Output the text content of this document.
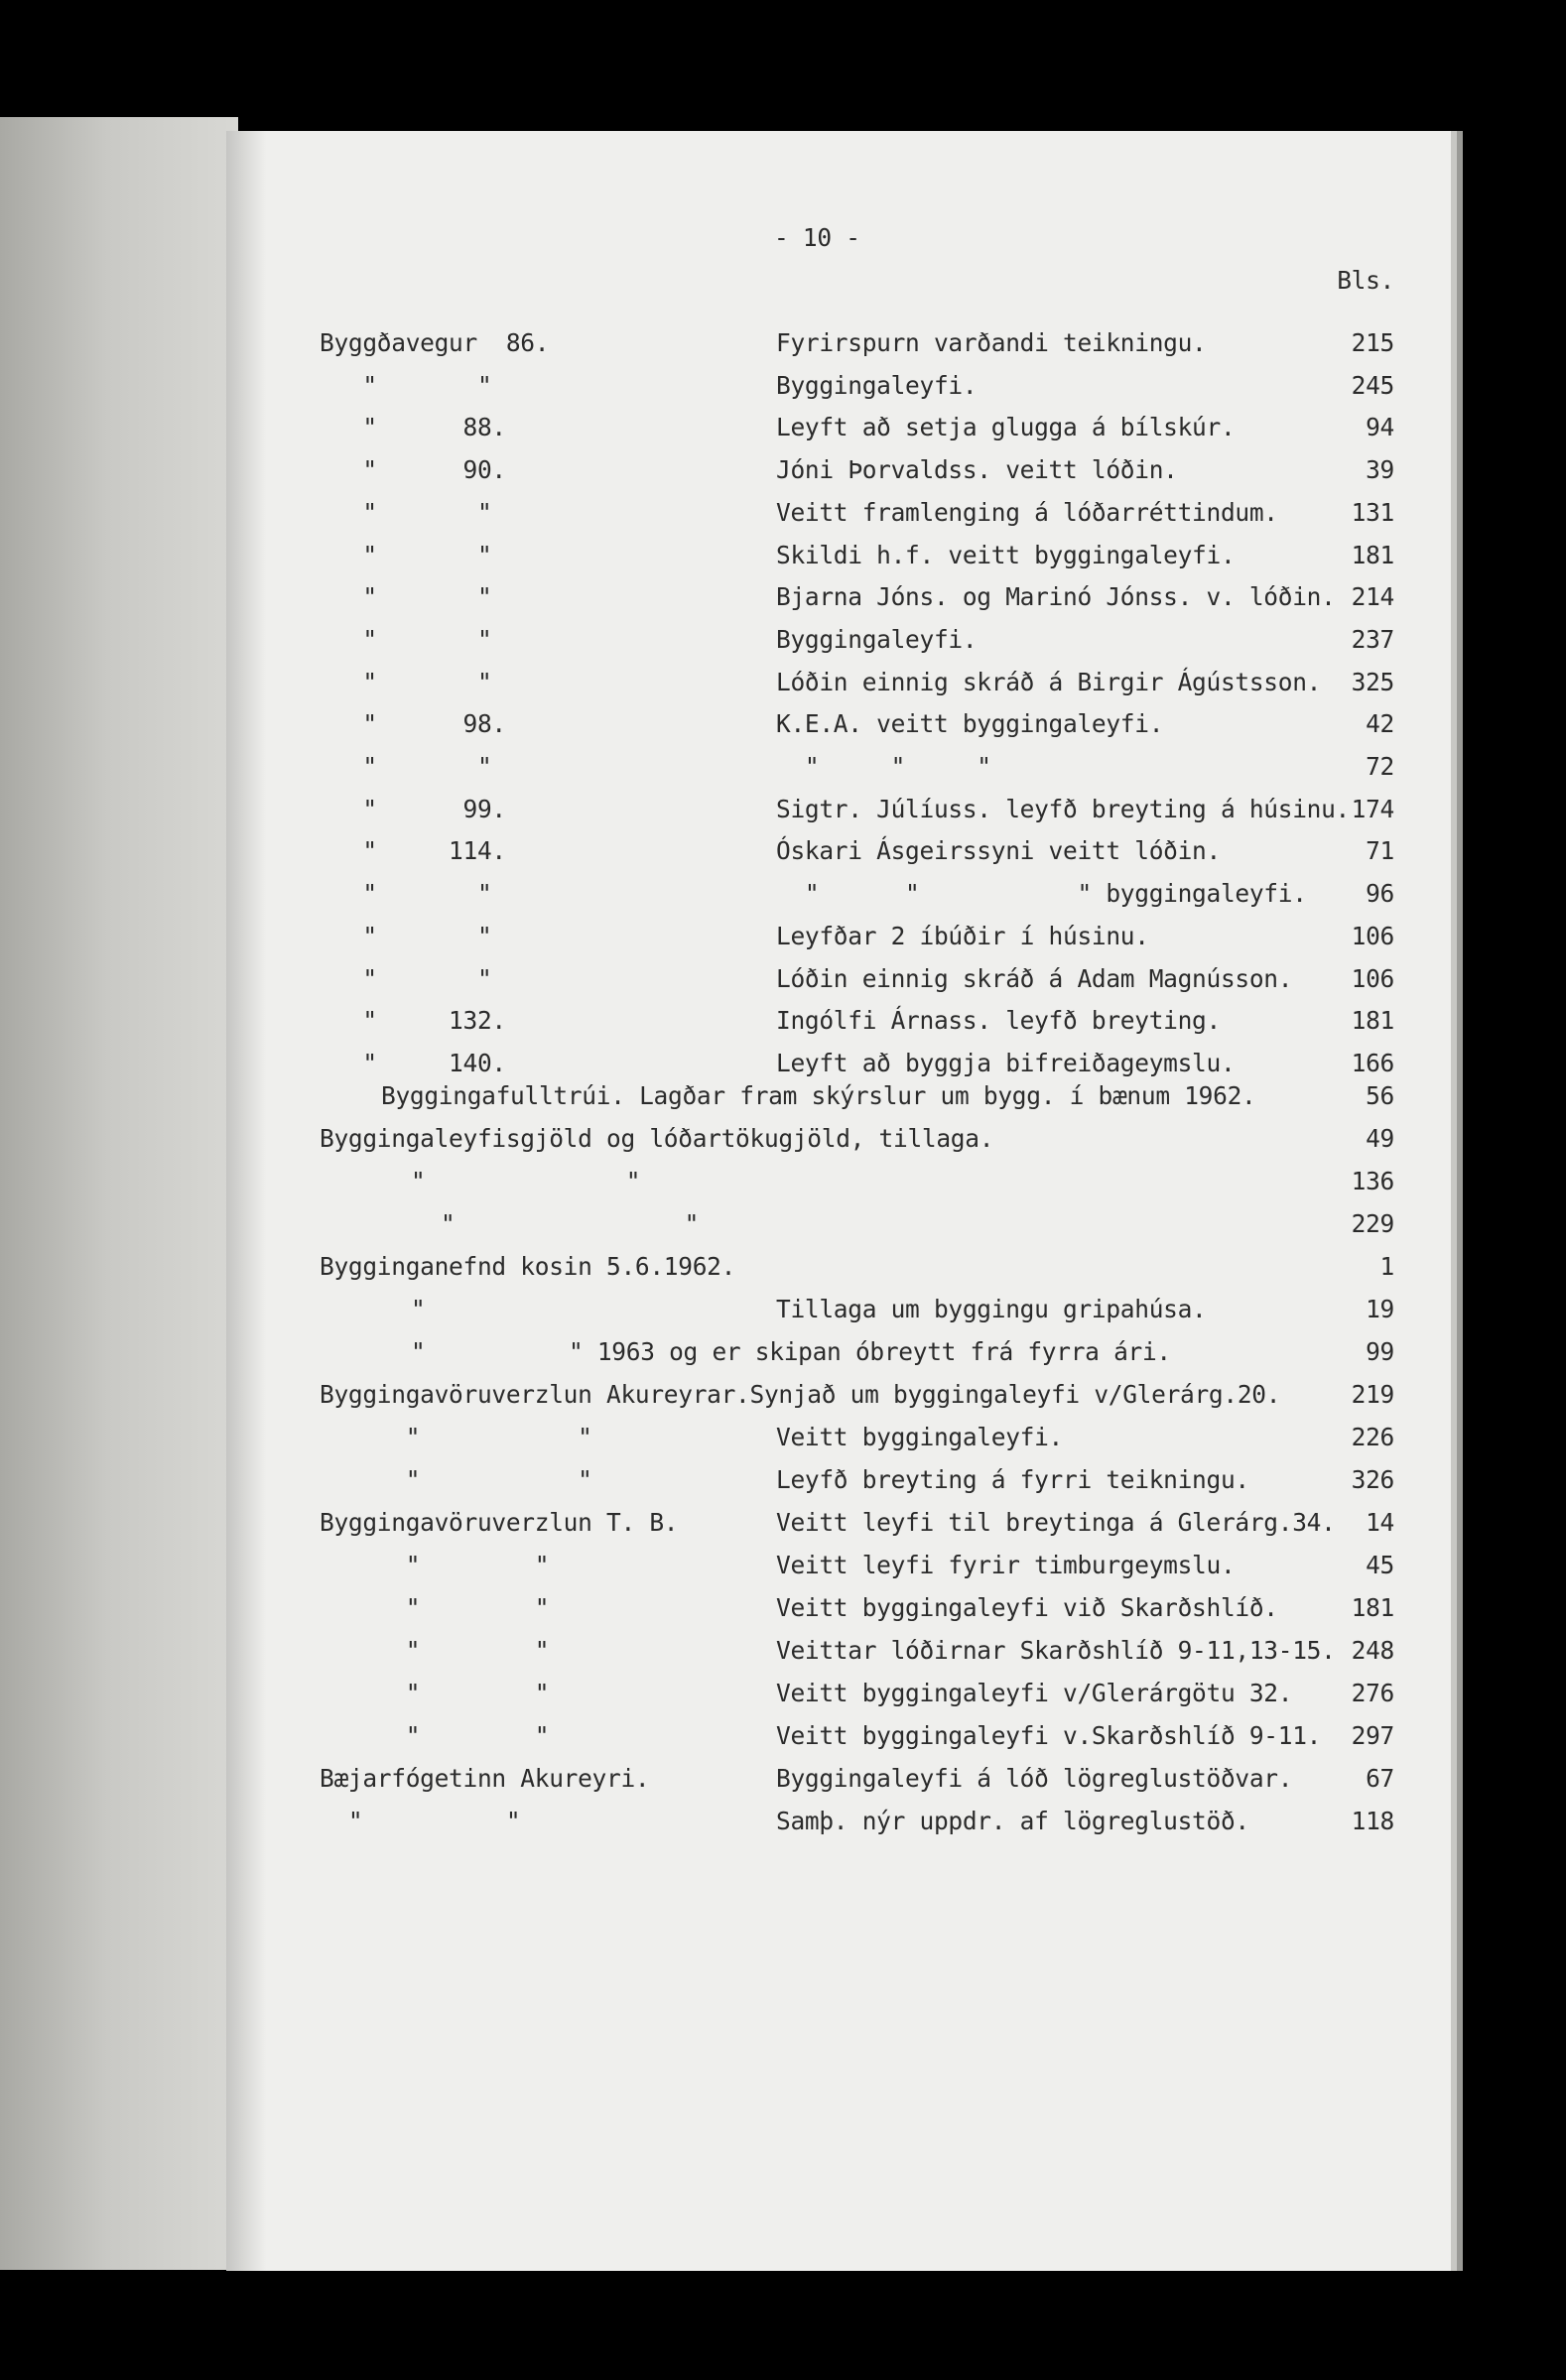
- 10 -
Bls.
Byggðavegur  86.	Fyrirspurn varðandi teikningu.	215
"       "	Byggingaleyfi.	245
"      88.	Leyft að setja glugga á bílskúr.	94
"      90.	Jóni Þorvaldss. veitt lóðin.	39
"       "	Veitt framlenging á lóðarréttindum.	131
"       "	Skildi h.f. veitt byggingaleyfi.	181
"       "	Bjarna Jóns. og Marinó Jónss. v. lóðin. 214
"       "	Byggingaleyfi.	237
"       "	Lóðin einnig skráð á Birgir Ágústsson.	325
"      98.	K.E.A. veitt byggingaleyfi.	42
"       "	"     "     "	72
"      99.	Sigtr. Júlíuss. leyfð breyting á húsinu. 174
"     114.	Óskari Ásgeirssyni veitt lóðin.	71
"       "	"      "           " byggingaleyfi.	96
"       "	Leyfðar 2 íbúðir í húsinu.	106
"       "	Lóðin einnig skráð á Adam Magnússon.	106
"     132.	Ingólfi Árnass. leyfð breyting.	181
"     140.	Leyft að byggja bifreiðageymslu.	166
Byggingafulltrúi. Lagðar fram skýrslur um bygg. í bænum 1962.	56
Byggingaleyfisgjöld og lóðartökugjöld, tillaga.	49
"              "	136
"                "	229
Bygginganefnd kosin 5.6.1962.	1
"	Tillaga um byggingu gripahúsa.	19
"          " 1963 og er skipan óbreytt frá fyrra ári.	99
Byggingavöruverzlun Akureyrar.Synjað um byggingaleyfi v/Glerárg.20.	219
"           "	Veitt byggingaleyfi.	226
"           "	Leyfð breyting á fyrri teikningu.	326
Byggingavöruverzlun T. B.	Veitt leyfi til breytinga á Glerárg.34.	14
"        "	Veitt leyfi fyrir timburgeymslu.	45
"        "	Veitt byggingaleyfi við Skarðshlíð.	181
"        "	Veittar lóðirnar Skarðshlíð 9-11,13-15. 248
"        "	Veitt byggingaleyfi v/Glerárgötu 32.	276
"        "	Veitt byggingaleyfi v.Skarðshlíð 9-11.	297
Bæjarfógetinn Akureyri.	Byggingaleyfi á lóð lögreglustöðvar.	67
"          "	Samþ. nýr uppdr. af lögreglustöð.	118
